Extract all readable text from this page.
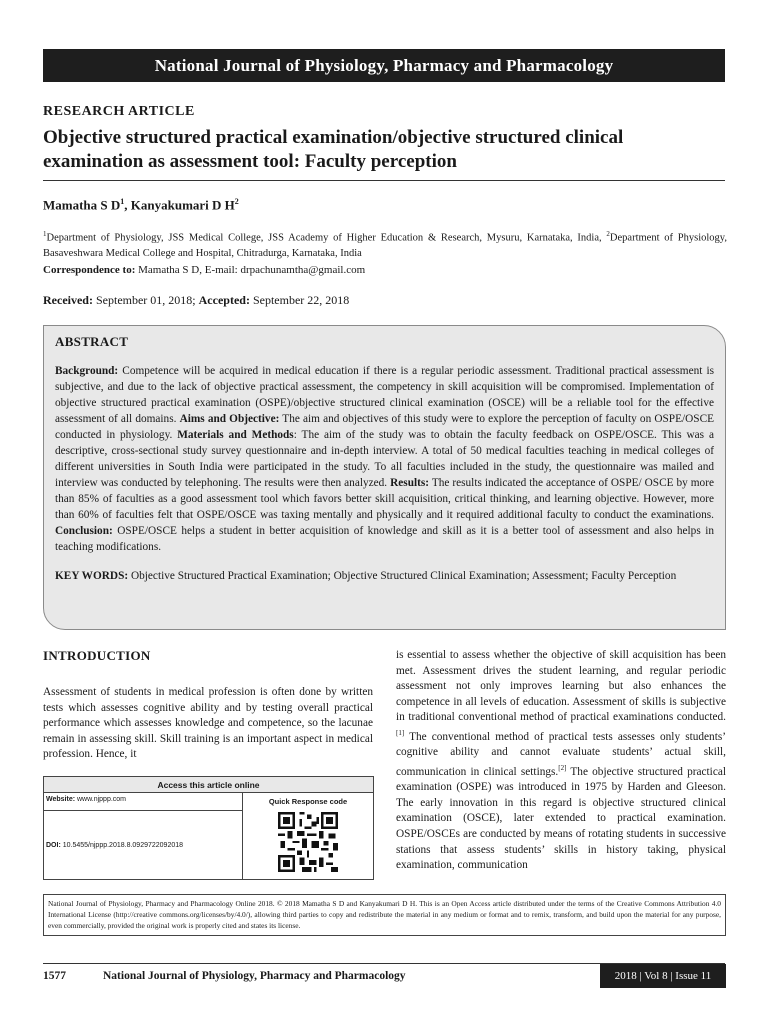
National Journal of Physiology, Pharmacy and Pharmacology
RESEARCH ARTICLE
Objective structured practical examination/objective structured clinical examination as assessment tool: Faculty perception
Mamatha S $D^1$, Kanyakumari D $H^2$
$^1$Department of Physiology, JSS Medical College, JSS Academy of Higher Education & Research, Mysuru, Karnataka, India, $^2$Department of Physiology, Basaveshwara Medical College and Hospital, Chitradurga, Karnataka, India
Correspondence to: Mamatha S D, E-mail: drpachunamtha@gmail.com
Received: September 01, 2018; Accepted: September 22, 2018
ABSTRACT

Background: Competence will be acquired in medical education if there is a regular periodic assessment. Traditional practical assessment is subjective, and due to the lack of objective practical assessment, the competency in skill acquisition will be compromised. Implementation of objective structured practical examination (OSPE)/objective structured clinical examination (OSCE) will be a reliable tool for the effective assessment of all domains. Aims and Objective: The aim and objectives of this study were to explore the perception of faculty on OSPE/OSCE conducted in physiology. Materials and Methods: The aim of the study was to obtain the faculty feedback on OSPE/OSCE. This was a descriptive, cross-sectional study survey questionnaire and in-depth interview. A total of 50 medical faculties teaching in medical colleges of different universities in South India were participated in the study. To all faculties included in the study, the questionnaire was mailed and interview was conducted by telephoning. The results were then analyzed. Results: The results indicated the acceptance of OSPE/ OSCE by more than 85% of faculties as a good assessment tool which favors better skill acquisition, critical thinking, and learning objective. However, more than 60% of faculties felt that OSPE/OSCE was taxing mentally and physically and it required additional faculty to conduct the examinations. Conclusion: OSPE/OSCE helps a student in better acquisition of knowledge and skill as it is a better tool of assessment and also helps in teaching modifications.

KEY WORDS: Objective Structured Practical Examination; Objective Structured Clinical Examination; Assessment; Faculty Perception

INTRODUCTION

Assessment of students in medical profession is often done by written tests which assesses cognitive ability and by testing overall practical performance which assesses knowledge and competence, so the lacunae remain in assessing skill. Skill training is an important aspect in medical profession. Hence, it

is essential to assess whether the objective of skill acquisition has been met. Assessment drives the student learning, and regular periodic assessment not only improves learning but also enhances the competence in all levels of education. Assessment of skills is subjective in traditional conventional method of practical examinations conducted.[1] The conventional method of practical tests assesses only students’ cognitive ability and cannot evaluate students’ actual skill, communication in clinical settings.[2] The objective structured practical examination (OSPE) was introduced in 1975 by Harden and Gleeson. The early innovation in this regard is objective structured clinical examination (OSCE), later extended to practical examination. OSPE/OSCEs are conducted by means of rotating students in successive stations that assess students’ skills in history taking, physical examination, communication

Access this article online
Website: www.njppp.com
DOI: 10.5455/njppp.2018.8.0929722092018
Quick Response code
National Journal of Physiology, Pharmacy and Pharmacology Online 2018. © 2018 Mamatha S D and Kanyakumari D H. This is an Open Access article distributed under the terms of the Creative Commons Attribution 4.0 International License (http://creative commons.org/licenses/by/4.0/), allowing third parties to copy and redistribute the material in any medium or format and to remix, transform, and build upon the material for any purpose, even commercially, provided the original work is properly cited and states its license.
1577	National Journal of Physiology, Pharmacy and Pharmacology	2018 | Vol 8 | Issue 11
